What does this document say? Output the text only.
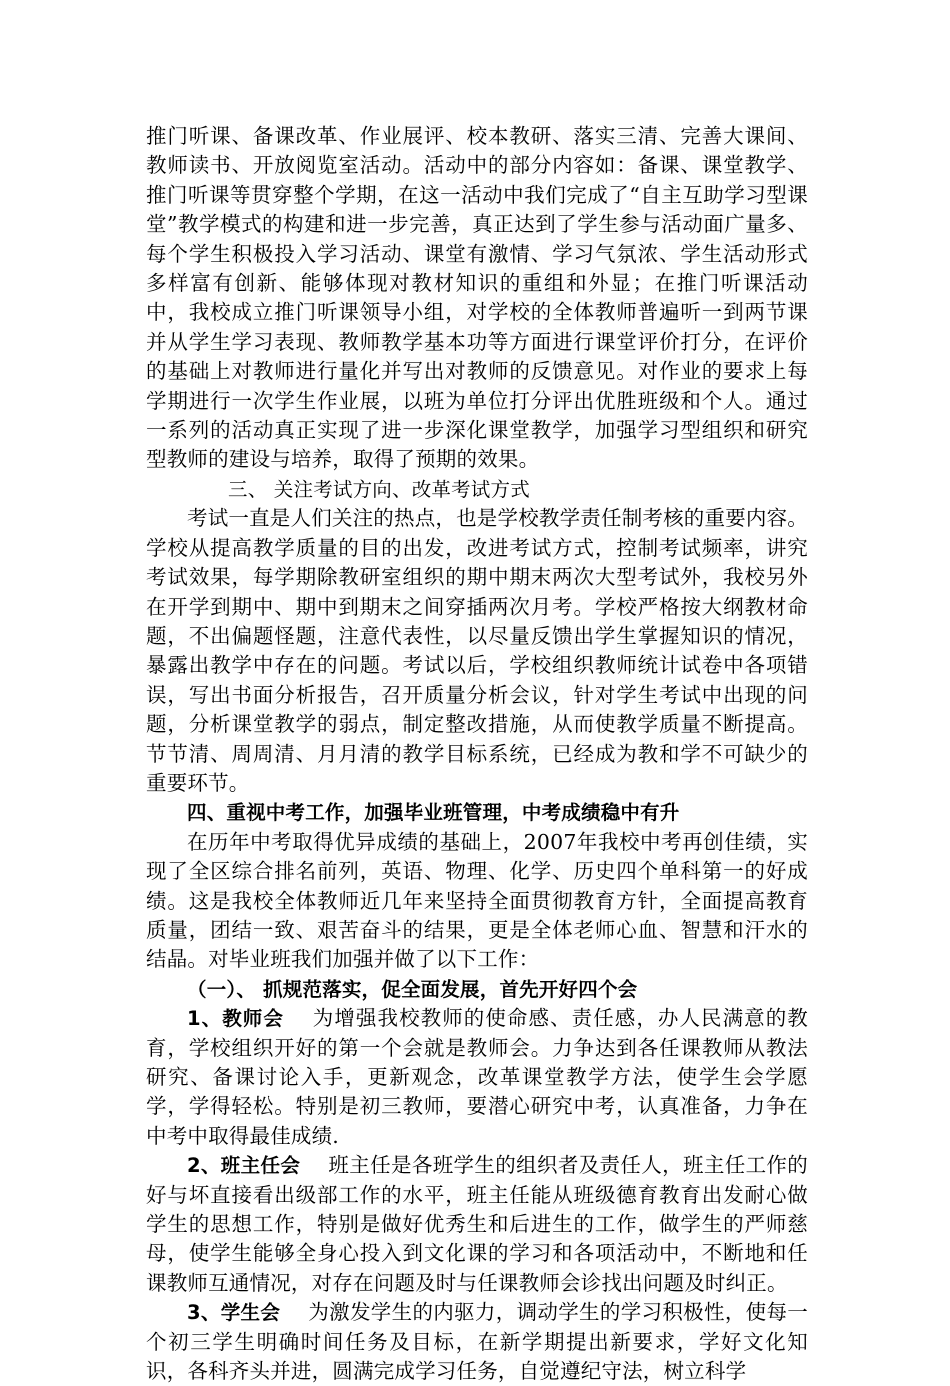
推门听课、备课改革、作业展评、校本教研、落实三清、完善大课间、教师读书、开放阅览室活动。活动中的部分内容如：备课、课堂教学、推门听课等贯穿整个学期，在这一活动中我们完成了“自主互助学习型课堂”教学模式的构建和进一步完善，真正达到了学生参与活动面广量多、每个学生积极投入学习活动、课堂有激情、学习气氛浓、学生活动形式多样富有创新、能够体现对教材知识的重组和外显；在推门听课活动中，我校成立推门听课领导小组，对学校的全体教师普遍听一到两节课并从学生学习表现、教师教学基本功等方面进行课堂评价打分，在评价的基础上对教师进行量化并写出对教师的反馈意见。对作业的要求上每学期进行一次学生作业展，以班为单位打分评出优胜班级和个人。通过一系列的活动真正实现了进一步深化课堂教学，加强学习型组织和研究型教师的建设与培养，取得了预期的效果。

三、 关注考试方向、改革考试方式

考试一直是人们关注的热点，也是学校教学责任制考核的重要内容。学校从提高教学质量的目的出发，改进考试方式，控制考试频率，讲究考试效果，每学期除教研室组织的期中期末两次大型考试外，我校另外在开学到期中、期中到期末之间穿插两次月考。学校严格按大纲教材命题，不出偏题怪题，注意代表性，以尽量反馈出学生掌握知识的情况，暴露出教学中存在的问题。考试以后，学校组织教师统计试卷中各项错误，写出书面分析报告，召开质量分析会议，针对学生考试中出现的问题，分析课堂教学的弱点，制定整改措施，从而使教学质量不断提高。节节清、周周清、月月清的教学目标系统，已经成为教和学不可缺少的重要环节。

四、重视中考工作，加强毕业班管理，中考成绩稳中有升

在历年中考取得优异成绩的基础上，2007年我校中考再创佳绩，实现了全区综合排名前列，英语、物理、化学、历史四个单科第一的好成绩。这是我校全体教师近几年来坚持全面贯彻教育方针，全面提高教育质量，团结一致、艰苦奋斗的结果，更是全体老师心血、智慧和汗水的结晶。对毕业班我们加强并做了以下工作：

（一）、 抓规范落实，促全面发展，首先开好四个会

1、教师会 为增强我校教师的使命感、责任感，办人民满意的教育，学校组织开好的第一个会就是教师会。力争达到各任课教师从教法研究、备课讨论入手，更新观念，改革课堂教学方法，使学生会学愿学，学得轻松。特别是初三教师，要潜心研究中考，认真准备，力争在中考中取得最佳成绩.

2、班主任会 班主任是各班学生的组织者及责任人，班主任工作的好与坏直接看出级部工作的水平，班主任能从班级德育教育出发耐心做学生的思想工作，特别是做好优秀生和后进生的工作，做学生的严师慈母，使学生能够全身心投入到文化课的学习和各项活动中，不断地和任课教师互通情况，对存在问题及时与任课教师会诊找出问题及时纠正。

3、学生会 为激发学生的内驱力，调动学生的学习积极性，使每一个初三学生明确时间任务及目标，在新学期提出新要求，学好文化知识，各科齐头并进，圆满完成学习任务，自觉遵纪守法，树立科学
